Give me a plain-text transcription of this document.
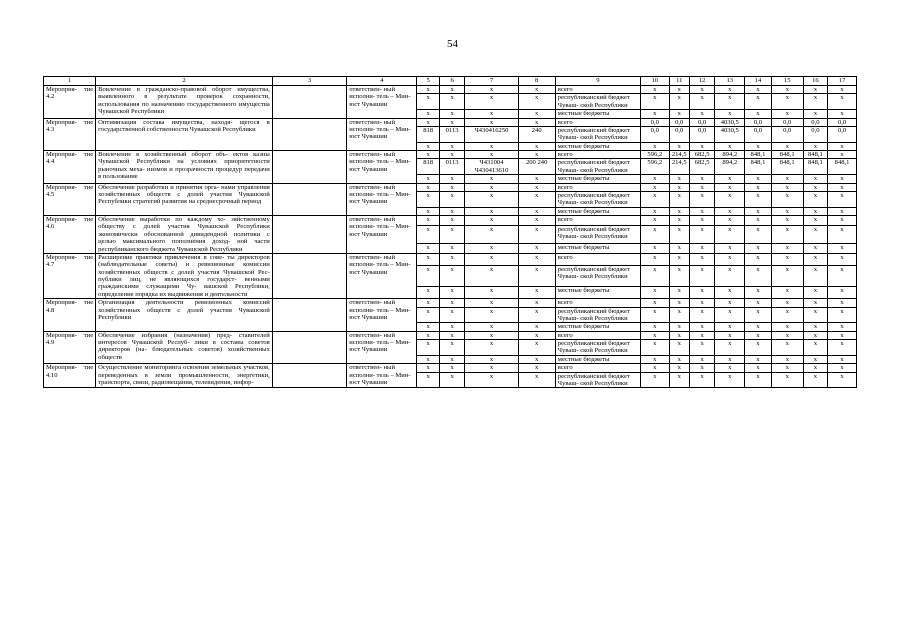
54
1	2	3	4	5	6	7	8	9	10	11	12	13	14	15	16	17
Мероприя- тие 4.2	Вовлечение в гражданско-правовой оборот имущества, выявленного в результате проверок сохранности, использования по назначению государственного имущества Чувашской Республики		ответствен- ный исполни- тель – Мин- юст Чувашии	x	x	x	x	всего	x	x	x	x	x	x	x	x
				x	x	x	x	республиканский бюджет Чуваш- ской Республики	x	x	x	x	x	x	x	x
				x	x	x	x	местные бюджеты	x	x	x	x	x	x	x	x
Мероприя- тие 4.3	Оптимизация состава имущества, находя- щегося в государственной собственности Чувашской Республики		ответствен- ный исполни- тель – Мин- юст Чувашии	x	x	x	x	всего	0,0	0,0	0,0	4030,5	0,0	0,0	0,0	0,0
				818	0113	Ч430416250	240	республиканский бюджет Чуваш- ской Республики	0,0	0,0	0,0	4030,5	0,0	0,0	0,0	0,0
				x	x	x	x	местные бюджеты	x	x	x	x	x	x	x	x
Мероприя- тие 4.4	Вовлечение в хозяйственный оборот объ- ектов казны Чувашской Республики на условиях приоритетности рыночных меха- низмов и прозрачности процедур передачи в пользование		ответствен- ный исполни- тель – Мин- юст Чувашии	x	x	x	x	всего	596,2	214,5	682,5	894,2	848,1	848,1	848,1	x
				818	0113	Ч431004 Ч430413610	200 240	республиканский бюджет Чуваш- ской Республики	596,2	214,5	682,5	894,2	848,1	848,1	848,1	848,1
				x	x	x	x	местные бюджеты	x	x	x	x	x	x	x	x
Мероприя- тие 4.5	Обеспечение разработки и принятия орга- нами управления хозяйственных обществ с долей участия Чувашской Республики стратегий развития на среднесрочный период		ответствен- ный исполни- тель – Мин- юст Чувашии	x	x	x	x	всего	x	x	x	x	x	x	x	x
				x	x	x	x	республиканский бюджет Чуваш- ской Республики	x	x	x	x	x	x	x	x
				x	x	x	x	местные бюджеты	x	x	x	x	x	x	x	x
Мероприя- тие 4.6	Обеспечение выработки по каждому хо- зяйственному обществу с долей участия Чувашской Республики экономически обоснованной дивидендной политики с целью максимального пополнения доход- ной части республиканского бюджета Чувашской Республики		ответствен- ный исполни- тель – Мин- юст Чувашии	x	x	x	x	всего	x	x	x	x	x	x	x	x
				x	x	x	x	республиканский бюджет Чуваш- ской Республики	x	x	x	x	x	x	x	x
				x	x	x	x	местные бюджеты	x	x	x	x	x	x	x	x
Мероприя- тие 4.7	Расширение практики привлечения в сове- ты директоров (наблюдательные советы) и ревизионные комиссии хозяйственных обществ с долей участия Чувашской Рес- публики лиц, не являющихся государст- венными гражданскими служащими Чу- вашской Республики, определение порядка их выдвижения и деятельности		ответствен- ный исполни- тель – Мин- юст Чувашии	x	x	x	x	всего	x	x	x	x	x	x	x	x
				x	x	x	x	республиканский бюджет Чуваш- ской Республики	x	x	x	x	x	x	x	x
				x	x	x	x	местные бюджеты	x	x	x	x	x	x	x	x
Мероприя- тие 4.8	Организация деятельности ревизионных комиссий хозяйственных обществ с долей участия Чувашской Республики		ответствен- ный исполни- тель – Мин- юст Чувашии	x	x	x	x	всего	x	x	x	x	x	x	x	x
				x	x	x	x	республиканский бюджет Чуваш- ской Республики	x	x	x	x	x	x	x	x
				x	x	x	x	местные бюджеты	x	x	x	x	x	x	x	x
Мероприя- тие 4.9	Обеспечение избрания (назначения) пред- ставителей интересов Чувашской Респуб- лики в составы советов директоров (на- блюдательных советов) хозяйственных обществ		ответствен- ный исполни- тель – Мин- юст Чувашии	x	x	x	x	всего	x	x	x	x	x	x	x	x
				x	x	x	x	республиканский бюджет Чуваш- ской Республики	x	x	x	x	x	x	x	x
				x	x	x	x	местные бюджеты	x	x	x	x	x	x	x	x
Мероприя- тие 4.10	Осуществление мониторинга освоения земельных участков, переведенных в земли промышленности, энергетики, транспорта, связи, радиовещания, телевидения, инфор-		ответствен- ный исполни- тель – Мин- юст Чувашии	x	x	x	x	всего	x	x	x	x	x	x	x	x
				x	x	x	x	республиканский бюджет Чуваш- ской Республики	x	x	x	x	x	x	x	x
